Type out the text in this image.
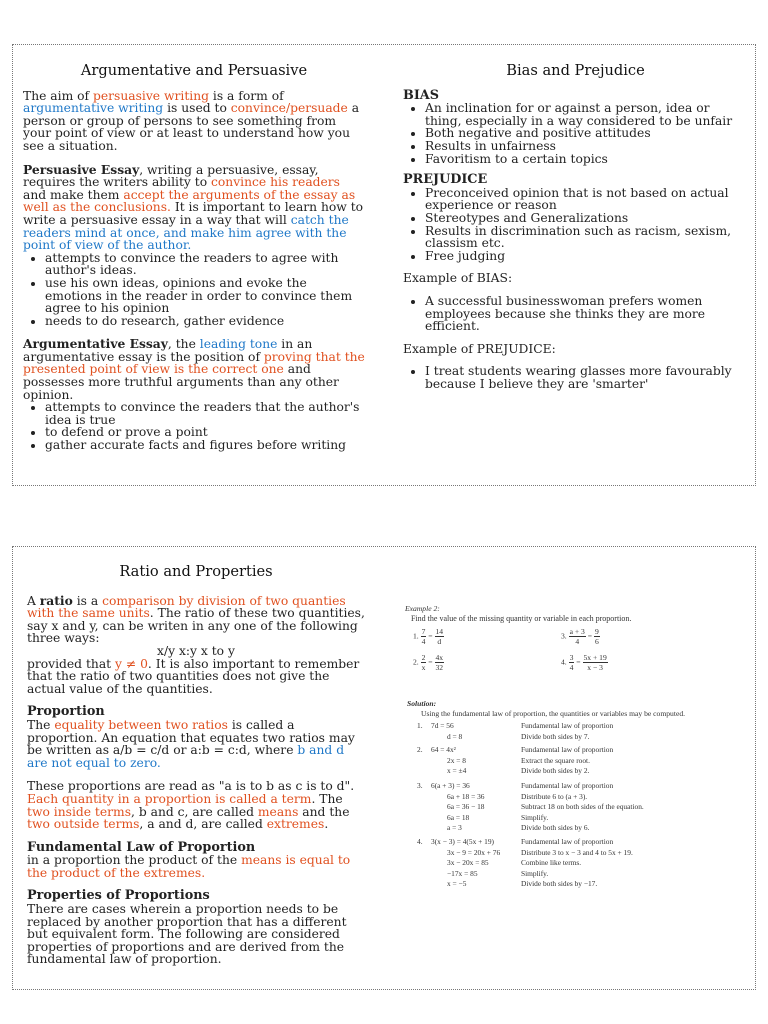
Argumentative and Persuasive

The aim of persuasive writing is a form of argumentative writing is used to convince/persuade a person or group of persons to see something from your point of view or at least to understand how you see a situation.

Persuasive Essay, writing a persuasive, essay, requires the writers ability to convince his readers and make them accept the arguments of the essay as well as the conclusions. It is important to learn how to write a persuasive essay in a way that will catch the readers mind at once, and make him agree with the point of view of the author.

• attempts to convince the readers to agree with author's ideas.
• use his own ideas, opinions and evoke the emotions in the reader in order to convince them agree to his opinion
• needs to do research, gather evidence

Argumentative Essay, the leading tone in an argumentative essay is the position of proving that the presented point of view is the correct one and possesses more truthful arguments than any other opinion.

• attempts to convince the readers that the author's idea is true
• to defend or prove a point
• gather accurate facts and figures before writing
Bias and Prejudice

BIAS

• An inclination for or against a person, idea or thing, especially in a way considered to be unfair
• Both negative and positive attitudes
• Results in unfairness
• Favoritism to a certain topics

PREJUDICE

• Preconceived opinion that is not based on actual experience or reason
• Stereotypes and Generalizations
• Results in discrimination such as racism, sexism, classism etc.
• Free judging

Example of BIAS:

• A successful businesswoman prefers women employees because she thinks they are more efficient.

Example of PREJUDICE:

• I treat students wearing glasses more favourably because I believe they are 'smarter'
Ratio and Properties

A ratio is a comparison by division of two quanties with the same units. The ratio of these two quantities, say x and y, can be writen in any one of the following three ways:

x/y x:y x to y

provided that y ≠ 0. It is also important to remember that the ratio of two quantities does not give the actual value of the quantities.

Proportion

The equality between two ratios is called a proportion. An equation that equates two ratios may be written as a/b = c/d or a:b = c:d, where b and d are not equal to zero.

These proportions are read as "a is to b as c is to d". Each quantity in a proportion is called a term. The two inside terms, b and c, are called means and the two outside terms, a and d, are called extremes.

Fundamental Law of Proportion

in a proportion the product of the means is equal to the product of the extremes.

Properties of Proportions

There are cases wherein a proportion needs to be replaced by another proportion that has a different but equivalent form. The following are considered properties of proportions and are derived from the fundamental law of proportion.

Example 2:
Find the value of the missing quantity or variable in each proportion.
1. $\frac{7}{4} = \frac{14}{d}$
2. $\frac{2}{x} = \frac{4x}{32}$
3. $\frac{a + 3}{4} = \frac{9}{6}$
4. $\frac{3}{4} = \frac{5x + 19}{x - 3}$
Solution:
Using the fundamental law of proportion, the quantities or variables may be computed.
1. 7d = 56	Fundamental law of proportion
d = 8	Divide both sides by 7.
2. 64 = 4x²	Fundamental law of proportion
2x = 8	Extract the square root.
x = ±4	Divide both sides by 2.
3. 6(a + 3) = 36	Fundamental law of proportion
6a + 18 = 36	Distribute 6 to (a + 3).
6a = 36 − 18	Subtract 18 on both sides of the equation.
6a = 18	Simplify.
a = 3	Divide both sides by 6.
4. 3(x − 3) = 4(5x + 19)	Fundamental law of proportion
3x − 9 = 20x + 76	Distribute 3 to x − 3 and 4 to 5x + 19.
3x − 20x = 85	Combine like terms.
−17x = 85	Simplify.
x = −5	Divide both sides by −17.
